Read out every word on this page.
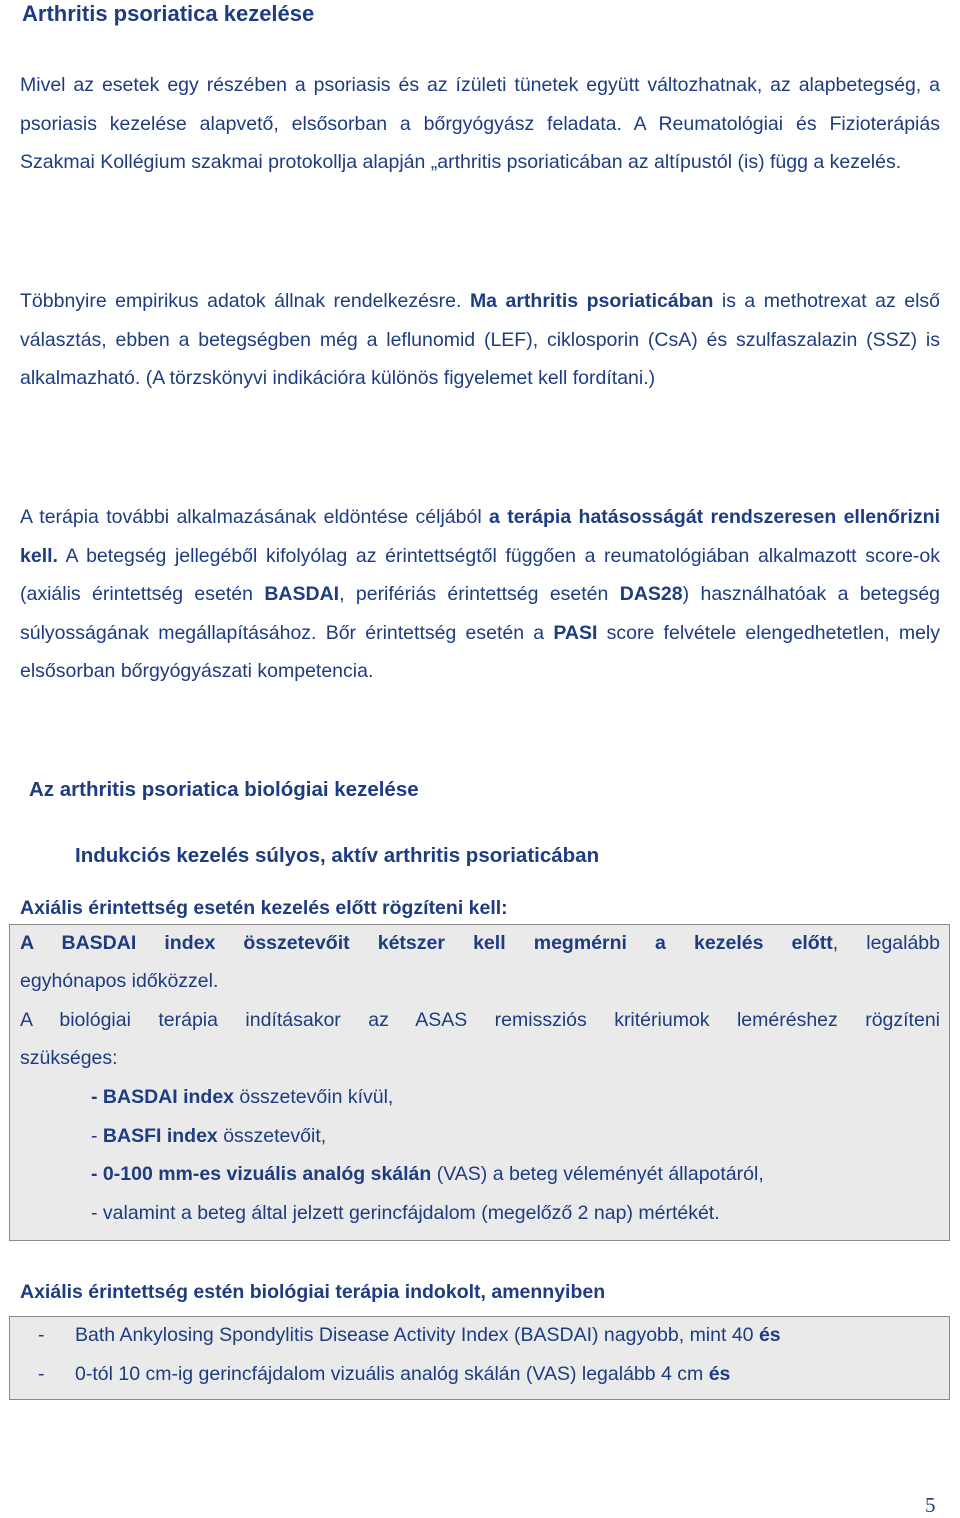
Arthritis psoriatica kezelése

Mivel az esetek egy részében a psoriasis és az ízületi tünetek együtt változhatnak, az alapbetegség, a psoriasis kezelése alapvető, elsősorban a bőrgyógyász feladata. A Reumatológiai és Fizioterápiás Szakmai Kollégium szakmai protokollja alapján „arthritis psoriaticában az altípustól (is) függ a kezelés.

Többnyire empirikus adatok állnak rendelkezésre. Ma arthritis psoriaticában is a methotrexat az első választás, ebben a betegségben még a leflunomid (LEF), ciklosporin (CsA) és szulfaszalazin (SSZ) is alkalmazható. (A törzskönyvi indikációra különös figyelemet kell fordítani.)

A terápia további alkalmazásának eldöntése céljából a terápia hatásosságát rendszeresen ellenőrizni kell. A betegség jellegéből kifolyólag az érintettségtől függően a reumatológiában alkalmazott score-ok (axiális érintettség esetén BASDAI, perifériás érintettség esetén DAS28) használhatóak a betegség súlyosságának megállapításához. Bőr érintettség esetén a PASI score felvétele elengedhetetlen, mely elsősorban bőrgyógyászati kompetencia.

Az arthritis psoriatica biológiai kezelése
Indukciós kezelés súlyos, aktív arthritis psoriaticában
Axiális érintettség esetén kezelés előtt rögzíteni kell:
A BASDAI index összetevőit kétszer kell megmérni a kezelés előtt, legalább
egyhónapos időközzel.
A biológiai terápia indításakor az ASAS remissziós kritériumok leméréshez rögzíteni
szükséges:
- BASDAI index összetevőin kívül,
- BASFI index összetevőit,
- 0-100 mm-es vizuális analóg skálán (VAS) a beteg véleményét állapotáról,
- valamint a beteg által jelzett gerincfájdalom (megelőző 2 nap) mértékét.
Axiális érintettség estén biológiai terápia indokolt, amennyiben
- Bath Ankylosing Spondylitis Disease Activity Index (BASDAI) nagyobb, mint 40 és
- 0-tól 10 cm-ig gerincfájdalom vizuális analóg skálán (VAS) legalább 4 cm és
5
